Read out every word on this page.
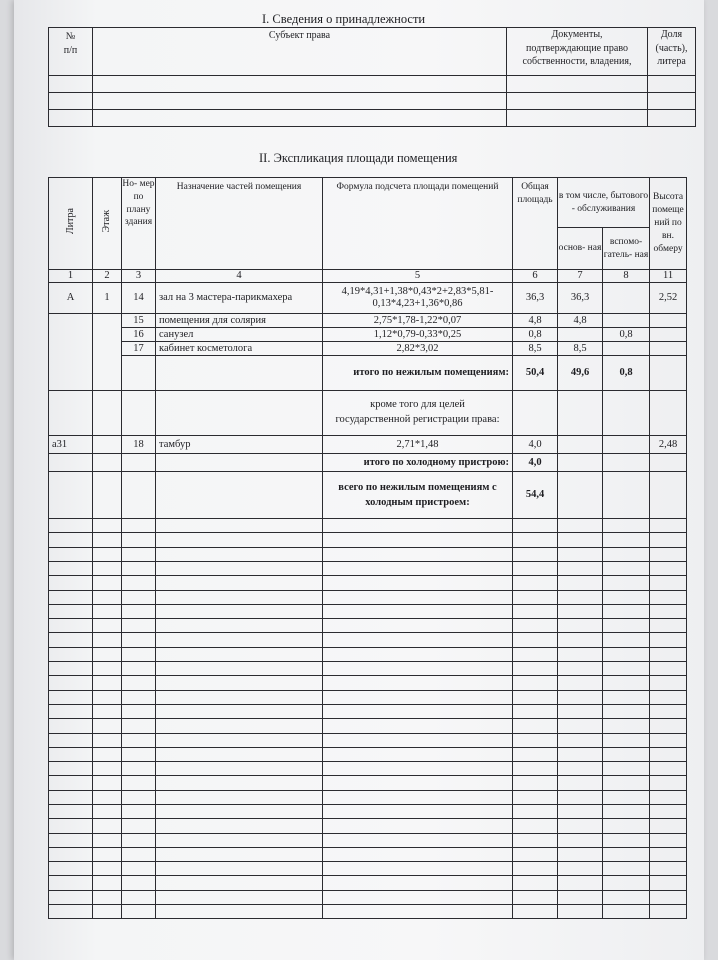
I. Сведения о принадлежности
№
п/п	Субъект права	Документы,
подтверждающие право
собственности, владения,	Доля
(часть),
литера

II. Экспликация площади помещения
Литра	Этаж	Но- мер по плану здания	Назначение частей помещения	Формула подсчета площади помещений	Общая площадь	в том числе, бытового - обслуживания		Высота помеще ний по вн. обмеру
						основ- ная	вспомо- гатель- ная	
1	2	3	4	5	6	7	8	11
А	1	14	зал на 3 мастера-парикмахера	4,19*4,31+1,38*0,43*2+2,83*5,81-
0,13*4,23+1,36*0,86	36,3	36,3		2,52
		15	помещения для солярия	2,75*1,78-1,22*0,07	4,8	4,8		
		16	санузел	1,12*0,79-0,33*0,25	0,8		0,8	
		17	кабинет косметолога	2,82*3,02	8,5	8,5		
				итого по нежилым помещениям:	50,4	49,6	0,8	
				кроме того для целей
государственной регистрации права:				
а31		18	тамбур	2,71*1,48	4,0			2,48
				итого по холодному пристрою:	4,0			
				всего по нежилым помещениям с
холодным пристроем:	54,4			
